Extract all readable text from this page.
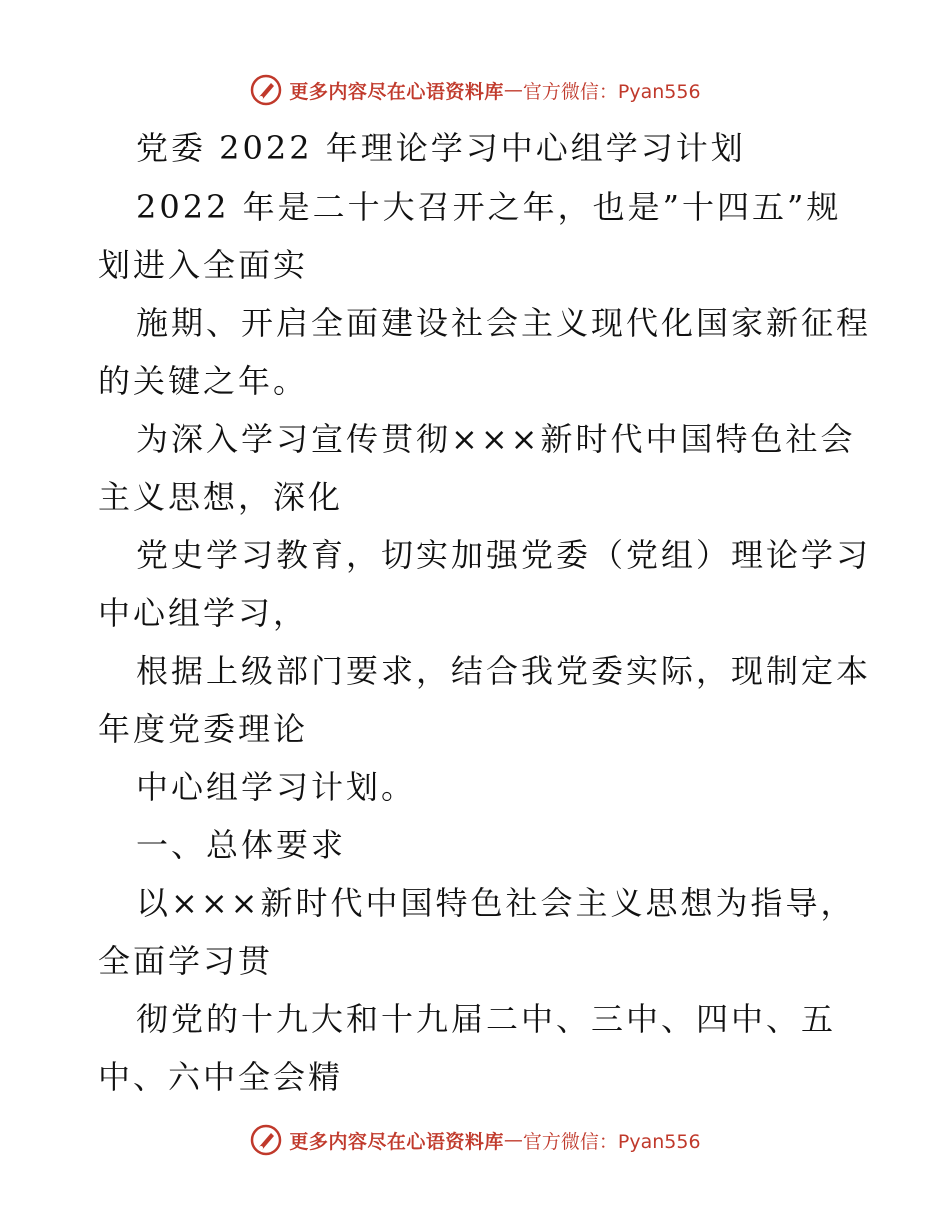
更多内容尽在心语资料库 — 官方微信：Pyan556
党委 2022 年理论学习中心组学习计划
2022 年是二十大召开之年，也是”十四五”规
划进入全面实
施期、开启全面建设社会主义现代化国家新征程
的关键之年。
为深入学习宣传贯彻×××新时代中国特色社会
主义思想，深化
党史学习教育，切实加强党委（党组）理论学习
中心组学习，
根据上级部门要求，结合我党委实际，现制定本
年度党委理论
中心组学习计划。
一、总体要求
以×××新时代中国特色社会主义思想为指导，
全面学习贯
彻党的十九大和十九届二中、三中、四中、五
中、六中全会精
更多内容尽在心语资料库 — 官方微信：Pyan556
